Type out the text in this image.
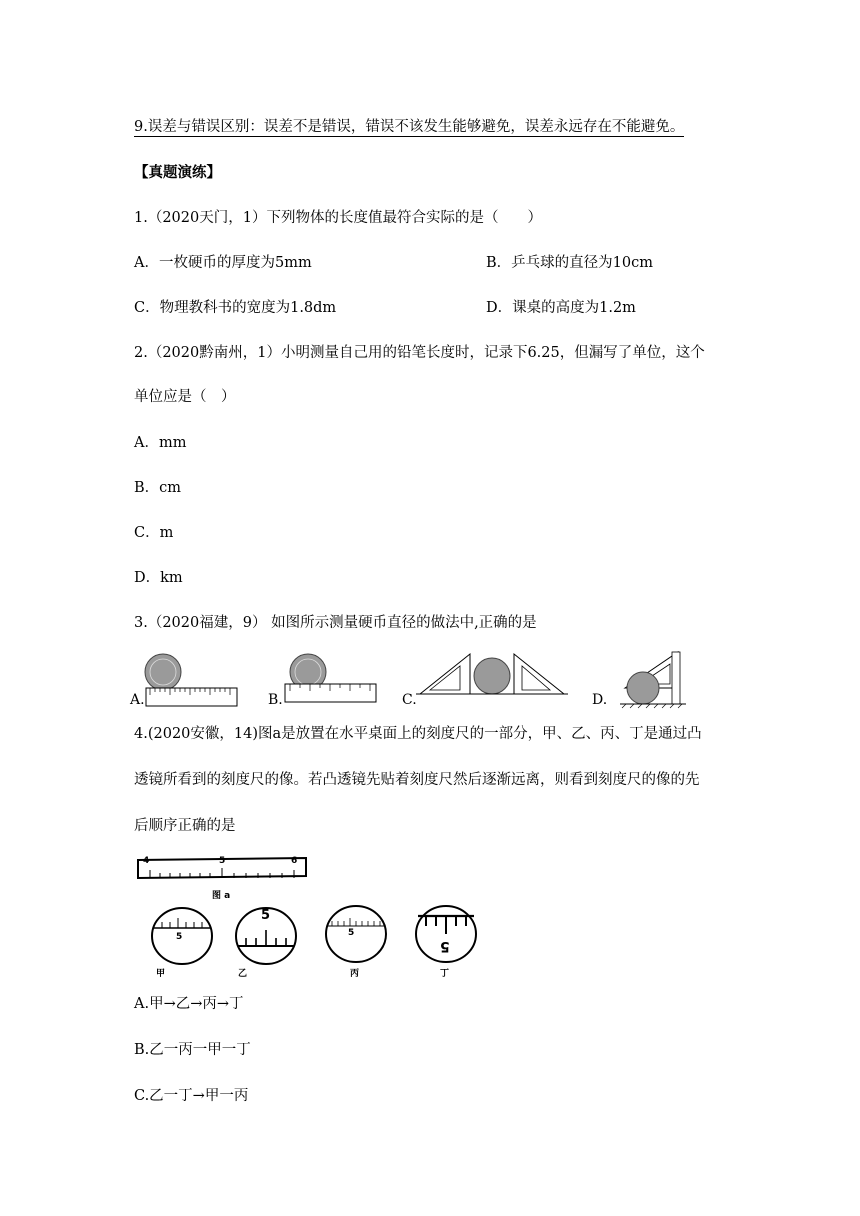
9.误差与错误区别：误差不是错误，错误不该发生能够避免，误差永远存在不能避免。
【真题演练】
1.（2020天门，1）下列物体的长度值最符合实际的是（　　）
A．一枚硬币的厚度为5mm	B．乒乓球的直径为10cm
C．物理教科书的宽度为1.8dm	D．课桌的高度为1.2m
2.（2020黔南州，1）小明测量自己用的铅笔长度时，记录下6.25，但漏写了单位，这个
单位应是（　）
A．mm
B．cm
C．m
D．km
3.（2020福建，9） 如图所示测量硬币直径的做法中,正确的是
A.	B.	C.	D.
4.(2020安徽，14)图a是放置在水平桌面上的刻度尺的一部分，甲、乙、丙、丁是通过凸
透镜所看到的刻度尺的像。若凸透镜先贴着刻度尺然后逐渐远离，则看到刻度尺的像的先
后顺序正确的是
4	5	6
图 a
5
5
5
5
甲	乙	丙	丁
A.甲→乙→丙→丁
B.乙一丙一甲一丁
C.乙一丁→甲一丙
